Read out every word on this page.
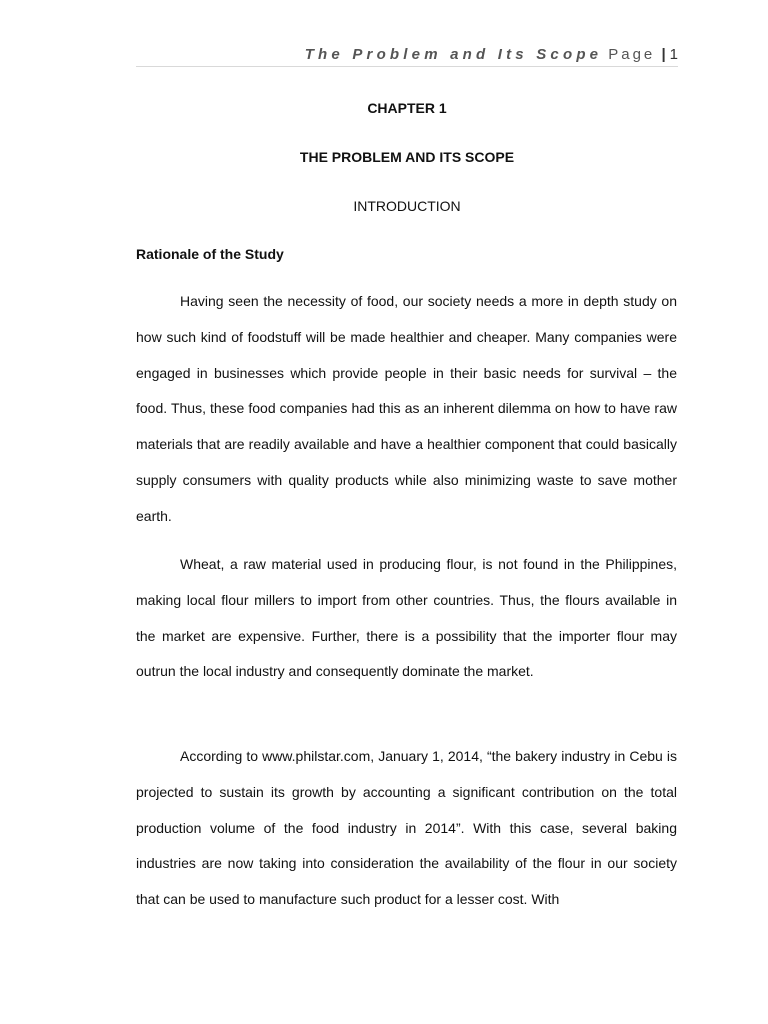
The Problem and Its Scope Page | 1
CHAPTER 1
THE PROBLEM AND ITS SCOPE
INTRODUCTION
Rationale of the Study

Having seen the necessity of food, our society needs a more in depth study on how such kind of foodstuff will be made healthier and cheaper. Many companies were engaged in businesses which provide people in their basic needs for survival – the food. Thus, these food companies had this as an inherent dilemma on how to have raw materials that are readily available and have a healthier component that could basically supply consumers with quality products while also minimizing waste to save mother earth.

Wheat, a raw material used in producing flour, is not found in the Philippines, making local flour millers to import from other countries. Thus, the flours available in the market are expensive. Further, there is a possibility that the importer flour may outrun the local industry and consequently dominate the market.

According to www.philstar.com, January 1, 2014, “the bakery industry in Cebu is projected to sustain its growth by accounting a significant contribution on the total production volume of the food industry in 2014”. With this case, several baking industries are now taking into consideration the availability of the flour in our society that can be used to manufacture such product for a lesser cost. With
